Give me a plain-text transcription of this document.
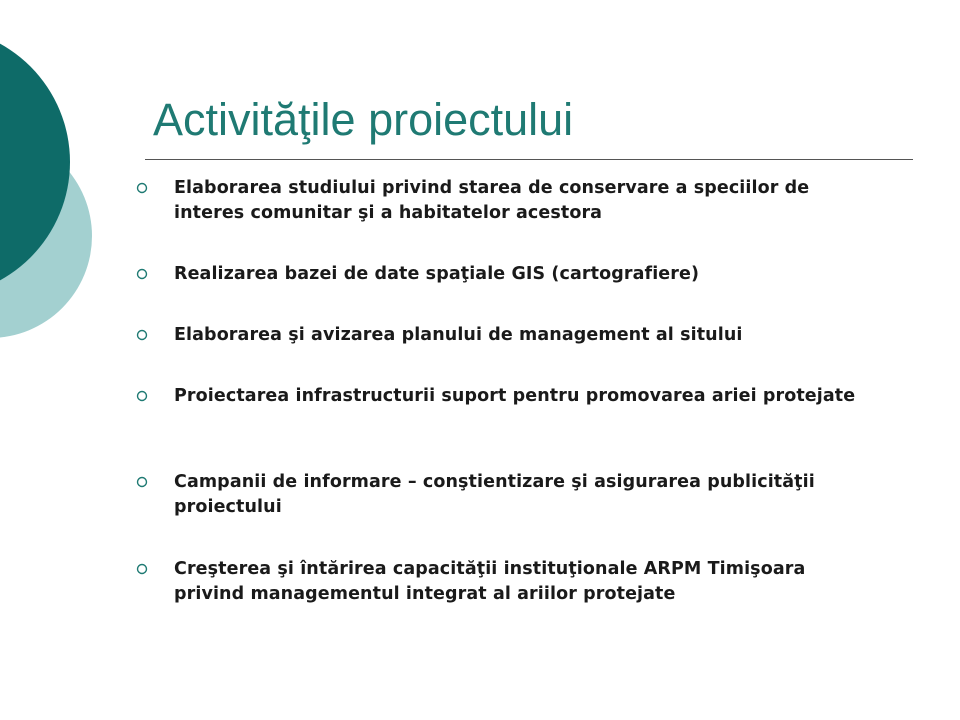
Activităţile proiectului
Elaborarea studiului privind starea de conservare a speciilor de interes comunitar şi a habitatelor acestora
Realizarea bazei de date spaţiale GIS (cartografiere)
Elaborarea şi avizarea planului de management al sitului
Proiectarea infrastructurii suport pentru promovarea ariei protejate
Campanii de informare – conştientizare şi asigurarea publicităţii proiectului
Creşterea şi întărirea capacităţii instituţionale ARPM Timişoara privind managementul integrat al ariilor protejate
